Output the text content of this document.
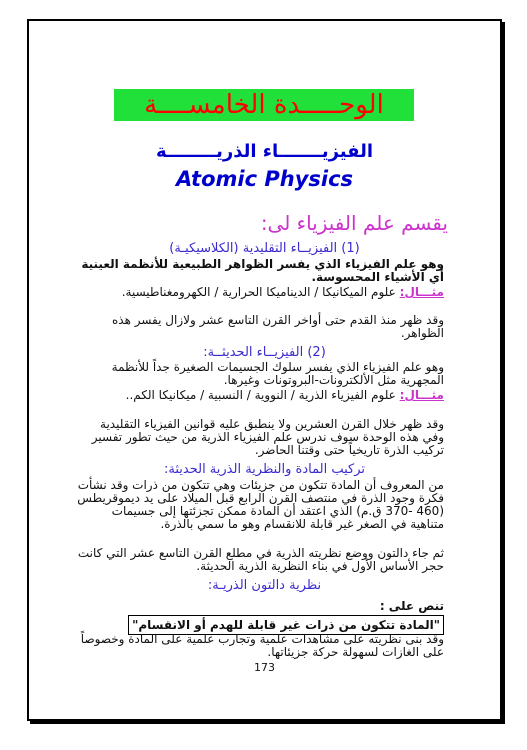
الوحـــــدة الخامســــة
الفيزيـــــــاء الذريــــــــة
Atomic Physics
يقسم علم الفيزياء لى:
(1) الفيزيــاء التقليدية (الكلاسيكيـة)
وهو علم الفيزياء الذي يفسر الظواهر الطبيعية للأنظمة العينية أي الأشياء المحسوسة.
مثـــال: علوم الميكانيكا / الديناميكا الحرارية / الكهرومغناطيسية.
وقد ظهر منذ القدم حتى أواخر القرن التاسع عشر ولازال يفسر هذه الظواهر.
(2) الفيزيــاء الحديثــة:
وهو علم الفيزياء الذي يفسر سلوك الجسيمات الصغيرة جداً للأنظمة المجهرية مثل الألكترونات-البروتونات وغيرها.
مثـــال: علوم الفيزياء الذرية / النووية / النسبية / ميكانيكا الكم..
وقد ظهر خلال القرن العشرين ولا ينطبق عليه قوانين الفيزياء التقليدية وفي هذه الوحدة سوف ندرس علم الفيزياء الذرية من حيث تطور تفسير تركيب الذرة تاريخياً حتى وقتنا الحاضر.
تركيب المادة والنظرية الذرية الحديثة:
من المعروف أن المادة تتكون من جزيئات وهي تتكون من ذرات وقد نشأت فكرة وجود الذرة في منتصف القرن الرابع قبل الميلاد على يد ديموقريطس (460 -370 ق.م) الذي اعتقد أن المادة ممكن تجزئتها إلى جسيمات متناهية في الصغر غير قابلة للانقسام وهو ما سمي بالذرة.
ثم جاء دالتون ووضع نظريته الذرية في مطلع القرن التاسع عشر التي كانت حجر الأساس الأول في بناء النظرية الذرية الحديثة.
نظرية دالتون الذريـة:
تنص على : "المادة تتكون من ذرات غير قابلة للهدم أو الانقسام"
وقد بنى نظريته على مشاهدات علمية وتجارب علمية على المادة وخصوصاً على الغازات لسهولة حركة جزيئاتها.
173
